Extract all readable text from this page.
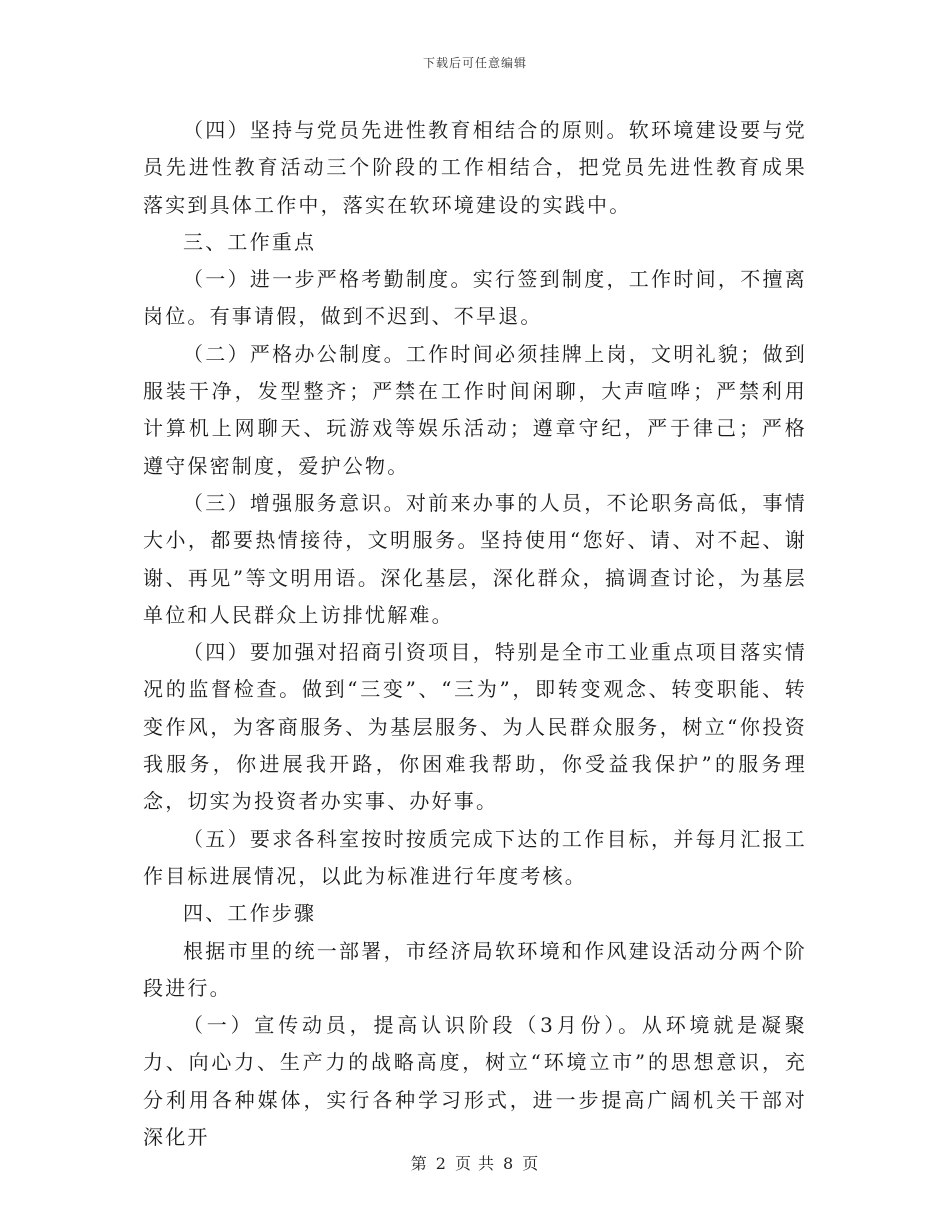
下载后可任意编辑

（四）坚持与党员先进性教育相结合的原则。软环境建设要与党员先进性教育活动三个阶段的工作相结合，把党员先进性教育成果落实到具体工作中，落实在软环境建设的实践中。

三、工作重点

（一）进一步严格考勤制度。实行签到制度，工作时间，不擅离岗位。有事请假，做到不迟到、不早退。

（二）严格办公制度。工作时间必须挂牌上岗，文明礼貌；做到服装干净，发型整齐；严禁在工作时间闲聊，大声喧哗；严禁利用计算机上网聊天、玩游戏等娱乐活动；遵章守纪，严于律己；严格遵守保密制度，爱护公物。

（三）增强服务意识。对前来办事的人员，不论职务高低，事情大小，都要热情接待，文明服务。坚持使用“您好、请、对不起、谢谢、再见”等文明用语。深化基层，深化群众，搞调查讨论，为基层单位和人民群众上访排忧解难。

（四）要加强对招商引资项目，特别是全市工业重点项目落实情况的监督检查。做到“三变”、“三为”，即转变观念、转变职能、转变作风，为客商服务、为基层服务、为人民群众服务，树立“你投资我服务，你进展我开路，你困难我帮助，你受益我保护”的服务理念，切实为投资者办实事、办好事。

（五）要求各科室按时按质完成下达的工作目标，并每月汇报工作目标进展情况，以此为标准进行年度考核。

四、工作步骤

根据市里的统一部署，市经济局软环境和作风建设活动分两个阶段进行。

（一）宣传动员，提高认识阶段（3月份）。从环境就是凝聚力、向心力、生产力的战略高度，树立“环境立市”的思想意识，充分利用各种媒体，实行各种学习形式，进一步提高广阔机关干部对深化开

第 2 页 共 8 页
